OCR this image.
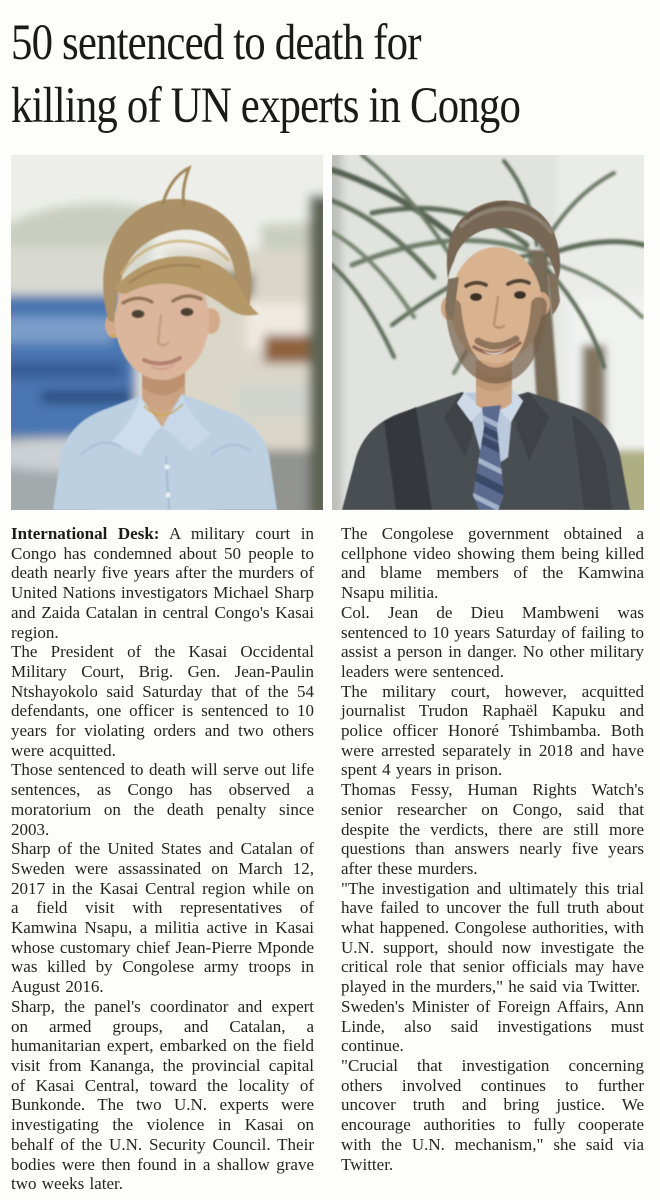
50 sentenced to death for
killing of UN experts in Congo

International Desk: A military court in Congo has condemned about 50 people to death nearly five years after the murders of United Nations investigators Michael Sharp and Zaida Catalan in central Congo's Kasai region.

The President of the Kasai Occidental Military Court, Brig. Gen. Jean-Paulin Ntshayokolo said Saturday that of the 54 defendants, one officer is sentenced to 10 years for violating orders and two others were acquitted.

Those sentenced to death will serve out life sentences, as Congo has observed a moratorium on the death penalty since 2003.

Sharp of the United States and Catalan of Sweden were assassinated on March 12, 2017 in the Kasai Central region while on a field visit with representatives of Kamwina Nsapu, a militia active in Kasai whose customary chief Jean-Pierre Mponde was killed by Congolese army troops in August 2016.

Sharp, the panel's coordinator and expert on armed groups, and Catalan, a humanitarian expert, embarked on the field visit from Kananga, the provincial capital of Kasai Central, toward the locality of Bunkonde. The two U.N. experts were investigating the violence in Kasai on behalf of the U.N. Security Council. Their bodies were then found in a shallow grave two weeks later.

The Congolese government obtained a cellphone video showing them being killed and blame members of the Kamwina Nsapu militia.

Col. Jean de Dieu Mambweni was sentenced to 10 years Saturday of failing to assist a person in danger. No other military leaders were sentenced.

The military court, however, acquitted journalist Trudon Raphaël Kapuku and police officer Honoré Tshimbamba. Both were arrested separately in 2018 and have spent 4 years in prison.

Thomas Fessy, Human Rights Watch's senior researcher on Congo, said that despite the verdicts, there are still more questions than answers nearly five years after these murders.

"The investigation and ultimately this trial have failed to uncover the full truth about what happened. Congolese authorities, with U.N. support, should now investigate the critical role that senior officials may have played in the murders," he said via Twitter.

Sweden's Minister of Foreign Affairs, Ann Linde, also said investigations must continue.

"Crucial that investigation concerning others involved continues to further uncover truth and bring justice. We encourage authorities to fully cooperate with the U.N. mechanism," she said via Twitter.
